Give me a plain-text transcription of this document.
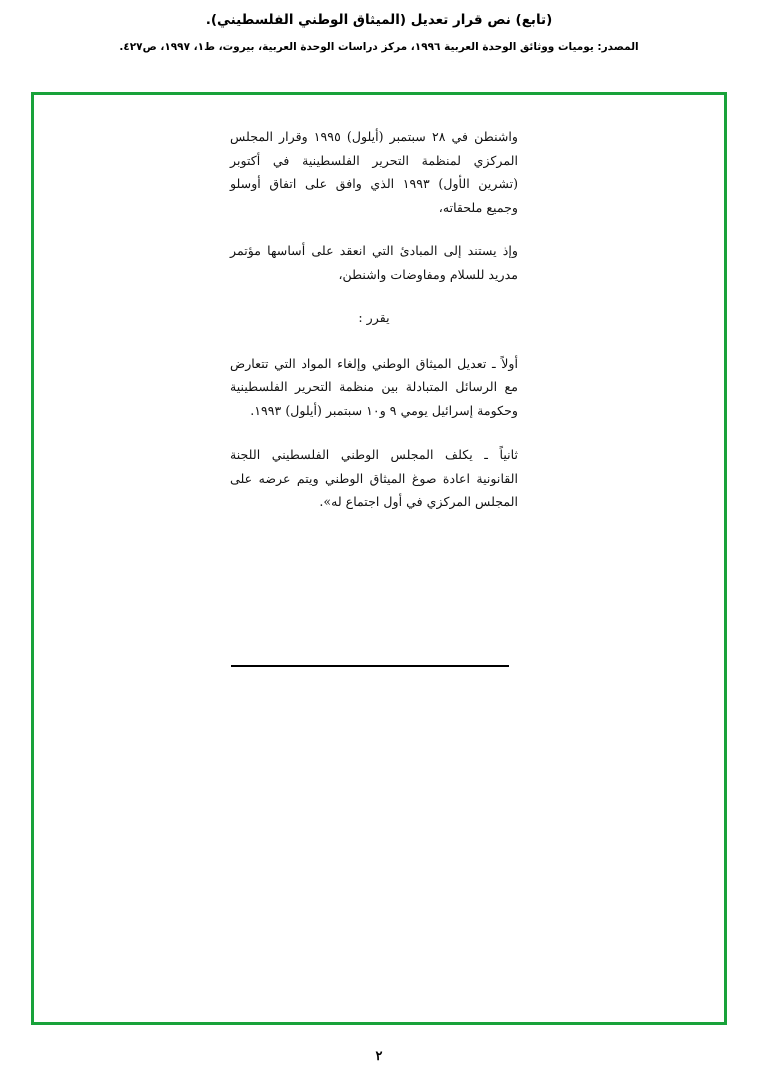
(تابع) نص قرار تعديل (الميثاق الوطني الفلسطيني).
المصدر: يوميات ووثائق الوحدة العربية ١٩٩٦، مركز دراسات الوحدة العربية، بيروت، ط١، ١٩٩٧، ص٤٢٧.

واشنطن في ٢٨ سبتمبر (أيلول) ١٩٩٥ وقرار المجلس المركزي لمنظمة التحرير الفلسطينية في أكتوبر (تشرين الأول) ١٩٩٣ الذي وافق على اتفاق أوسلو وجميع ملحقاته،

وإذ يستند إلى المبادئ التي انعقد على أساسها مؤتمر مدريد للسلام ومفاوضات واشنطن،

يقرر :

أولاً ـ تعديل الميثاق الوطني وإلغاء المواد التي تتعارض مع الرسائل المتبادلة بين منظمة التحرير الفلسطينية وحكومة إسرائيل يومي ٩ و١٠ سبتمبر (أيلول) ١٩٩٣.

ثانياً ـ يكلف المجلس الوطني الفلسطيني اللجنة القانونية اعادة صوغ الميثاق الوطني ويتم عرضه على المجلس المركزي في أول اجتماع له».

٢
